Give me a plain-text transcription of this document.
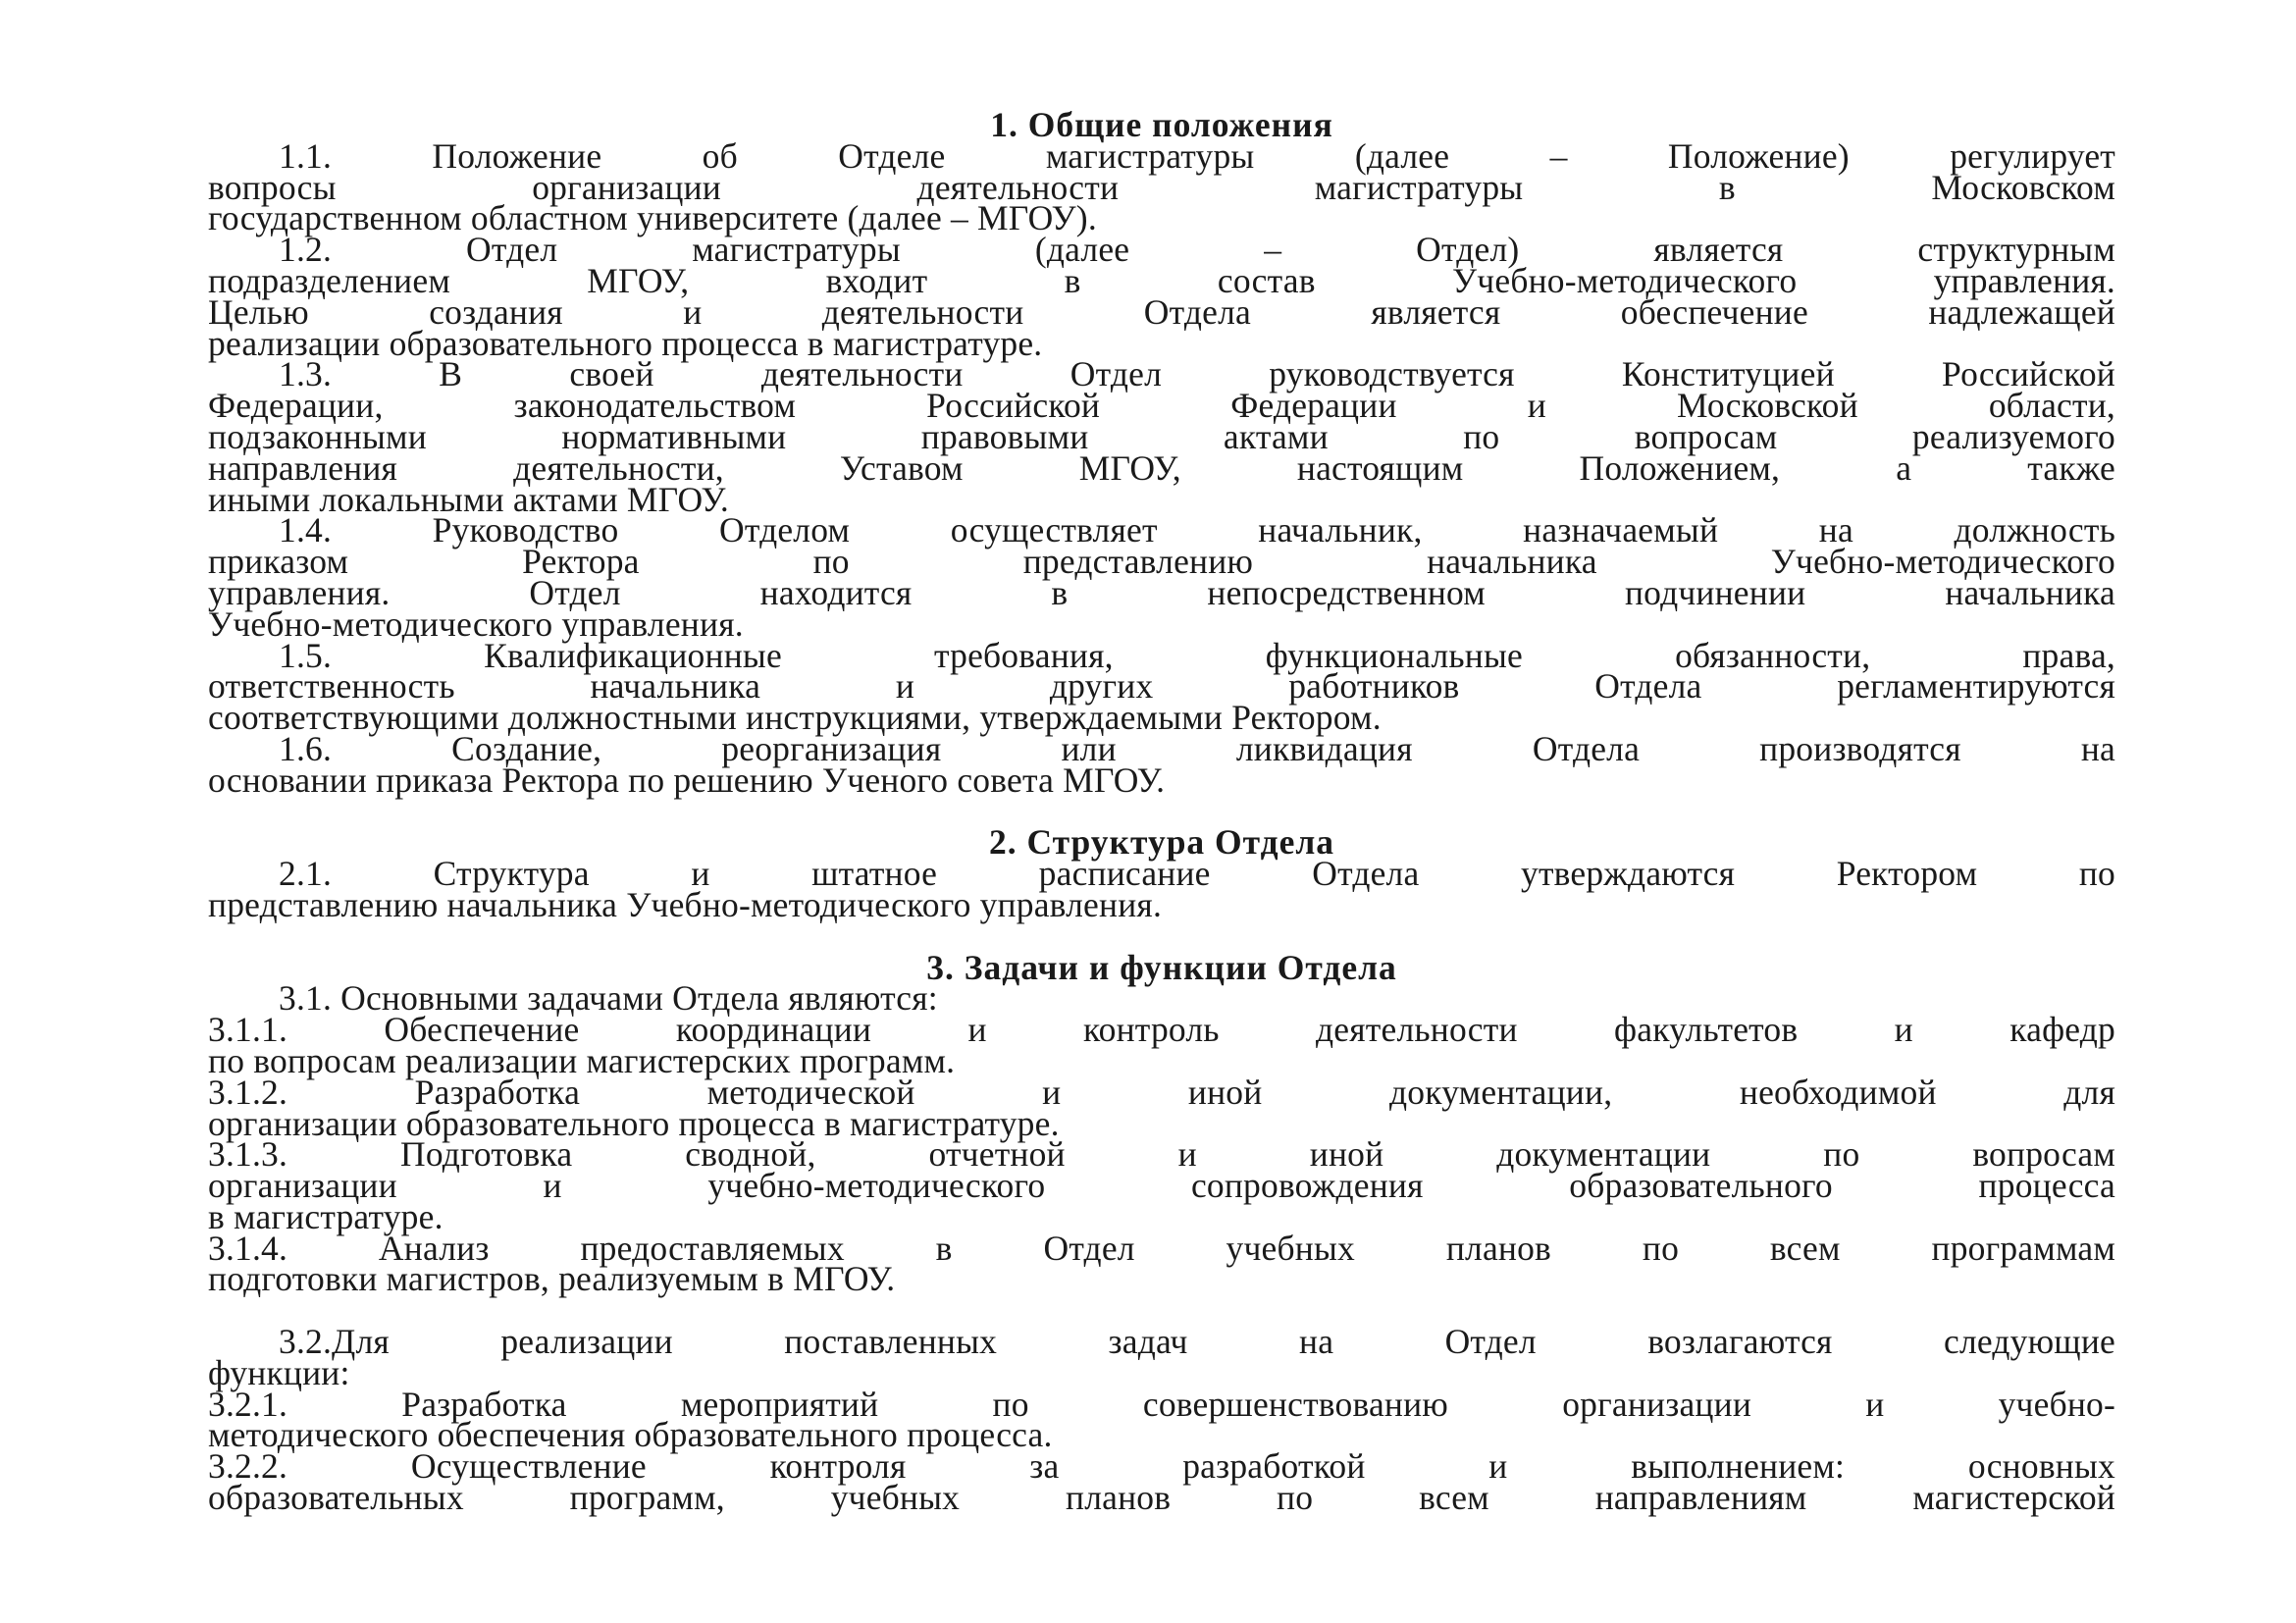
1. Общие положения
1.1. Положение об Отделе магистратуры (далее – Положение) регулирует
вопросы организации деятельности магистратуры в Московском
государственном областном университете (далее – МГОУ).
1.2. Отдел магистратуры (далее – Отдел) является структурным
подразделением МГОУ, входит в состав Учебно-методического управления.
Целью создания и деятельности Отдела является обеспечение надлежащей
реализации образовательного процесса в магистратуре.
1.3. В своей деятельности Отдел руководствуется Конституцией Российской
Федерации, законодательством Российской Федерации и Московской области,
подзаконными нормативными правовыми актами по вопросам реализуемого
направления деятельности, Уставом МГОУ, настоящим Положением, а также
иными локальными актами МГОУ.
1.4. Руководство Отделом осуществляет начальник, назначаемый на должность
приказом Ректора по представлению начальника Учебно-методического
управления. Отдел находится в непосредственном подчинении начальника
Учебно-методического управления.
1.5. Квалификационные требования, функциональные обязанности, права,
ответственность начальника и других работников Отдела регламентируются
соответствующими должностными инструкциями, утверждаемыми Ректором.
1.6. Создание, реорганизация или ликвидация Отдела производятся на
основании приказа Ректора по решению Ученого совета МГОУ.
2. Структура Отдела
2.1. Структура и штатное расписание Отдела утверждаются Ректором по
представлению начальника Учебно-методического управления.
3. Задачи и функции Отдела
3.1. Основными задачами Отдела являются:
3.1.1. Обеспечение координации и контроль деятельности факультетов и кафедр
по вопросам реализации магистерских программ.
3.1.2. Разработка методической и иной документации, необходимой для
организации образовательного процесса в магистратуре.
3.1.3. Подготовка сводной, отчетной и иной документации по вопросам
организации и учебно-методического сопровождения образовательного процесса
в магистратуре.
3.1.4. Анализ предоставляемых в Отдел учебных планов по всем программам
подготовки магистров, реализуемым в МГОУ.
3.2.Для реализации поставленных задач на Отдел возлагаются следующие
функции:
3.2.1. Разработка мероприятий по совершенствованию организации и учебно-
методического обеспечения образовательного процесса.
3.2.2. Осуществление контроля за разработкой и выполнением: основных
образовательных программ, учебных планов по всем направлениям магистерской
